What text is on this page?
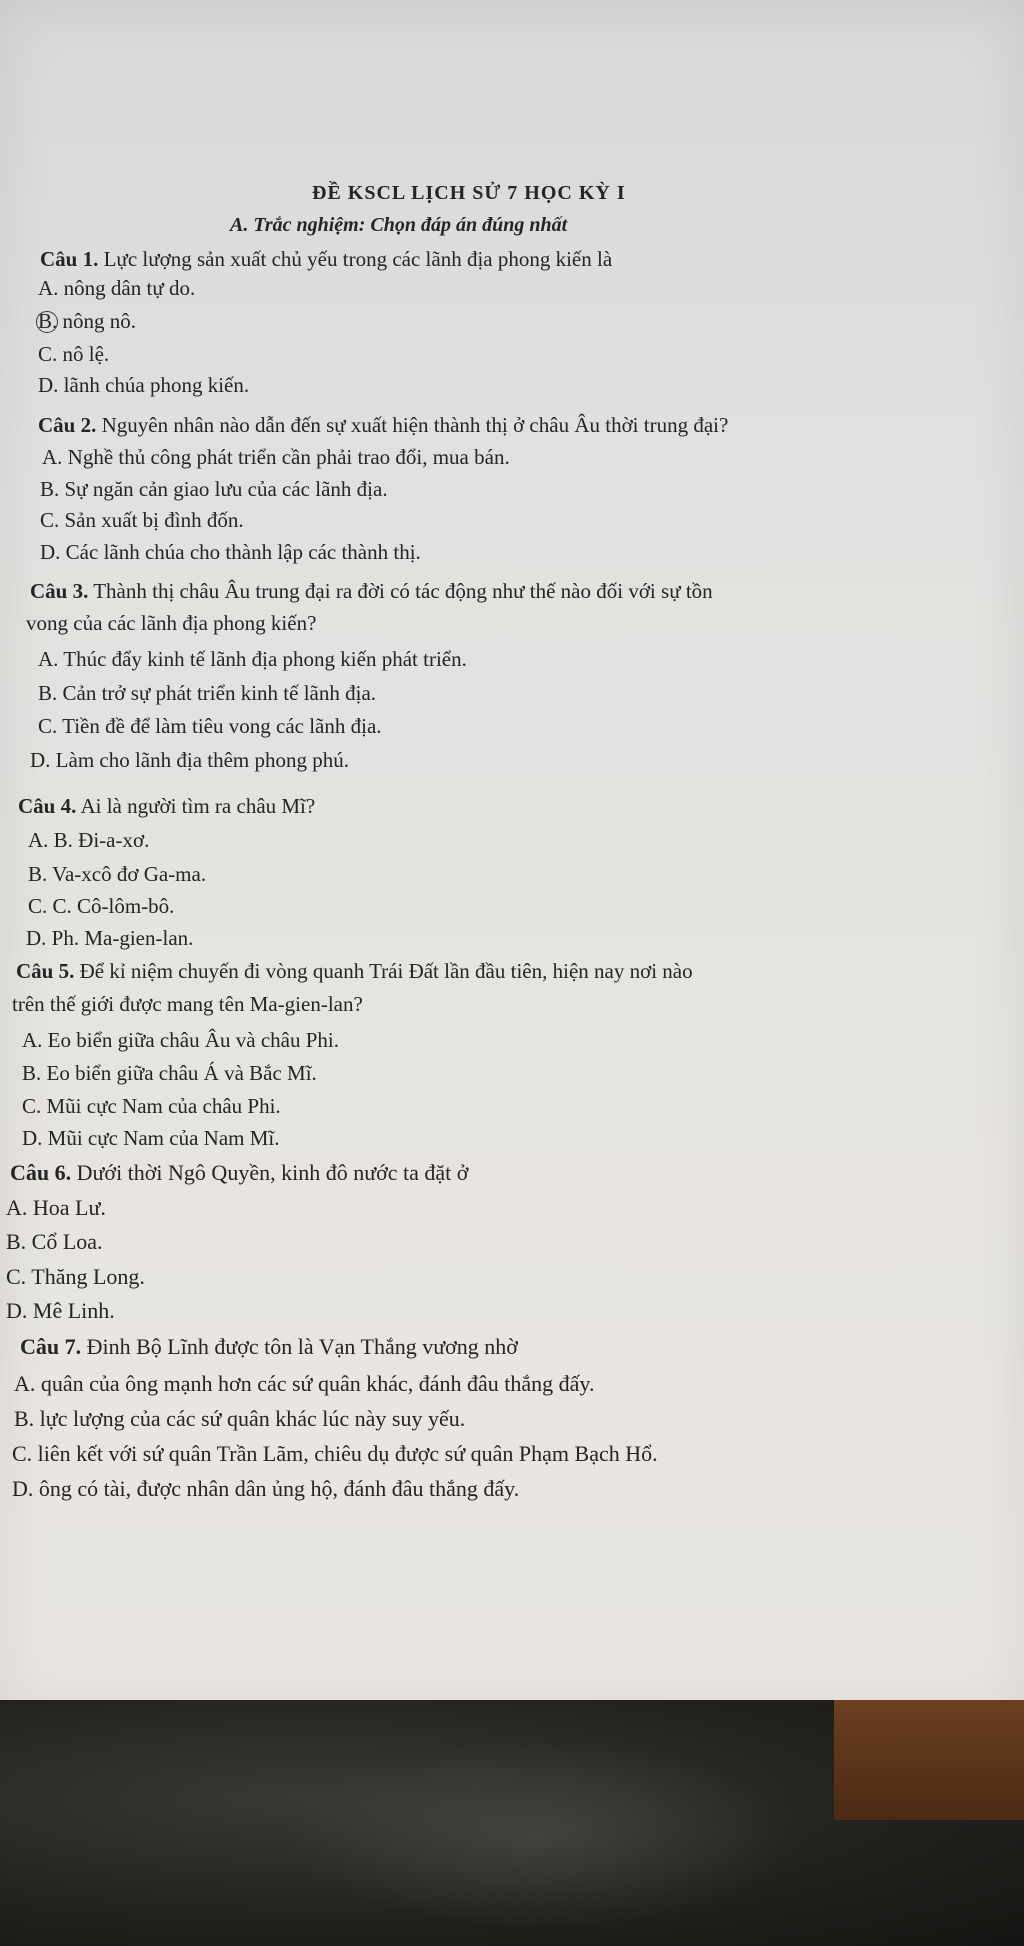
ĐỀ KSCL LỊCH SỬ 7 HỌC KỲ I
A. Trắc nghiệm: Chọn đáp án đúng nhất
Câu 1. Lực lượng sản xuất chủ yếu trong các lãnh địa phong kiến là
A. nông dân tự do.
B. nông nô.
C. nô lệ.
D. lãnh chúa phong kiến.
Câu 2. Nguyên nhân nào dẫn đến sự xuất hiện thành thị ở châu Âu thời trung đại?
A. Nghề thủ công phát triển cần phải trao đổi, mua bán.
B. Sự ngăn cản giao lưu của các lãnh địa.
C. Sản xuất bị đình đốn.
D. Các lãnh chúa cho thành lập các thành thị.
Câu 3. Thành thị châu Âu trung đại ra đời có tác động như thế nào đối với sự tồn
vong của các lãnh địa phong kiến?
A. Thúc đẩy kinh tế lãnh địa phong kiến phát triển.
B. Cản trở sự phát triển kinh tế lãnh địa.
C. Tiền đề để làm tiêu vong các lãnh địa.
D. Làm cho lãnh địa thêm phong phú.
Câu 4. Ai là người tìm ra châu Mĩ?
A. B. Đi-a-xơ.
B. Va-xcô đơ Ga-ma.
C. C. Cô-lôm-bô.
D. Ph. Ma-gien-lan.
Câu 5. Để kỉ niệm chuyến đi vòng quanh Trái Đất lần đầu tiên, hiện nay nơi nào
trên thế giới được mang tên Ma-gien-lan?
A. Eo biển giữa châu Âu và châu Phi.
B. Eo biển giữa châu Á và Bắc Mĩ.
C. Mũi cực Nam của châu Phi.
D. Mũi cực Nam của Nam Mĩ.
Câu 6. Dưới thời Ngô Quyền, kinh đô nước ta đặt ở
A. Hoa Lư.
B. Cổ Loa.
C. Thăng Long.
D. Mê Linh.
Câu 7. Đinh Bộ Lĩnh được tôn là Vạn Thắng vương nhờ
A. quân của ông mạnh hơn các sứ quân khác, đánh đâu thắng đấy.
B. lực lượng của các sứ quân khác lúc này suy yếu.
C. liên kết với sứ quân Trần Lãm, chiêu dụ được sứ quân Phạm Bạch Hổ.
D. ông có tài, được nhân dân ủng hộ, đánh đâu thắng đấy.
